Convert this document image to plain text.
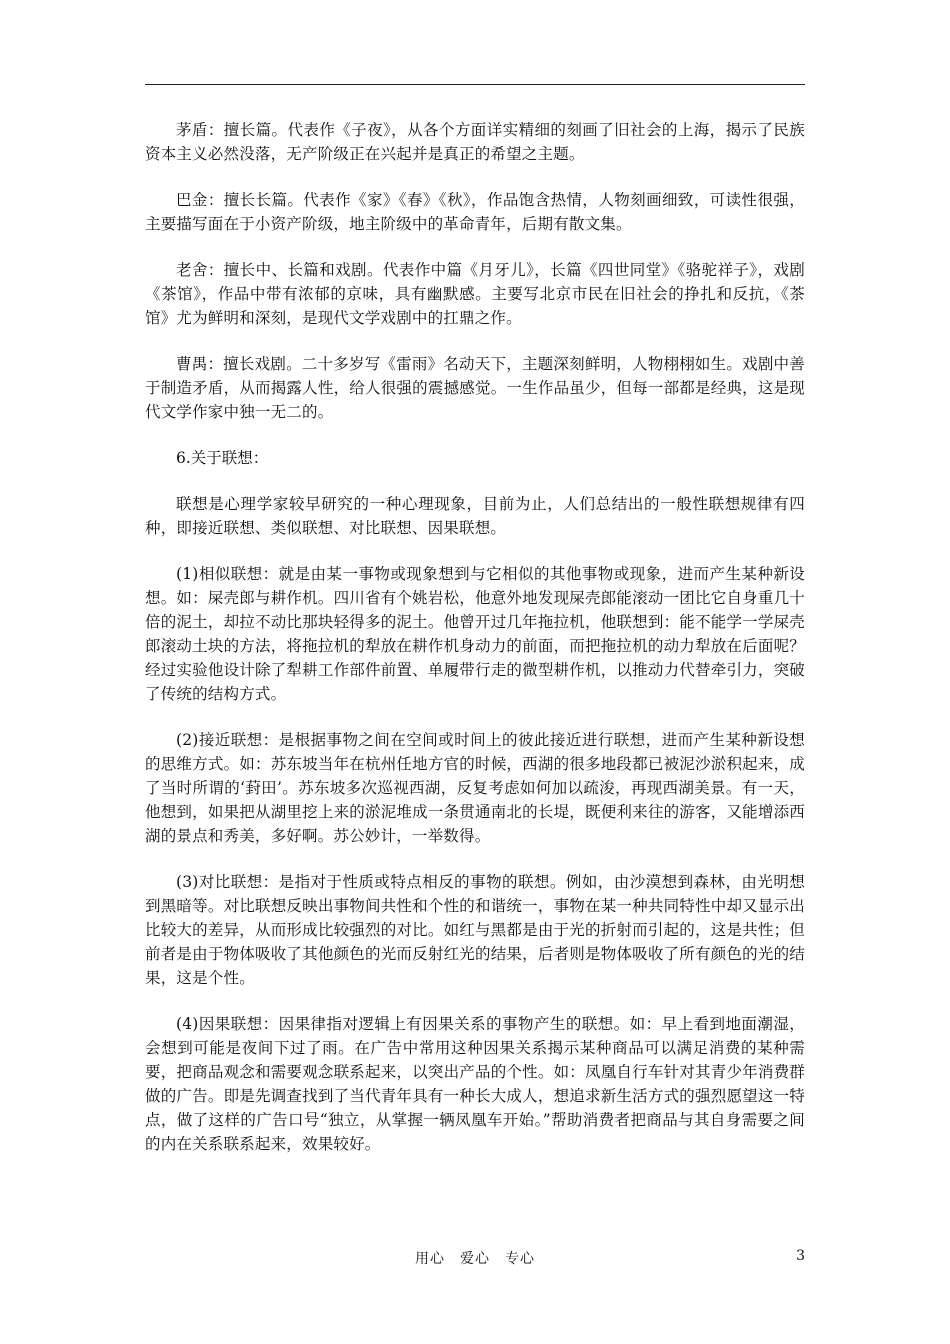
茅盾：擅长篇。代表作《子夜》，从各个方面详实精细的刻画了旧社会的上海，揭示了民族资本主义必然没落，无产阶级正在兴起并是真正的希望之主题。

巴金：擅长长篇。代表作《家》《春》《秋》，作品饱含热情，人物刻画细致，可读性很强，主要描写面在于小资产阶级，地主阶级中的革命青年，后期有散文集。

老舍：擅长中、长篇和戏剧。代表作中篇《月牙儿》，长篇《四世同堂》《骆驼祥子》，戏剧《茶馆》，作品中带有浓郁的京味，具有幽默感。主要写北京市民在旧社会的挣扎和反抗，《茶馆》尤为鲜明和深刻，是现代文学戏剧中的扛鼎之作。

曹禺：擅长戏剧。二十多岁写《雷雨》名动天下，主题深刻鲜明，人物栩栩如生。戏剧中善于制造矛盾，从而揭露人性，给人很强的震撼感觉。一生作品虽少，但每一部都是经典，这是现代文学作家中独一无二的。

6.关于联想：

联想是心理学家较早研究的一种心理现象，目前为止，人们总结出的一般性联想规律有四种，即接近联想、类似联想、对比联想、因果联想。

(1)相似联想：就是由某一事物或现象想到与它相似的其他事物或现象，进而产生某种新设想。如：屎壳郎与耕作机。四川省有个姚岩松，他意外地发现屎壳郎能滚动一团比它自身重几十倍的泥土，却拉不动比那块轻得多的泥土。他曾开过几年拖拉机，他联想到：能不能学一学屎壳郎滚动土块的方法，将拖拉机的犁放在耕作机身动力的前面，而把拖拉机的动力犁放在后面呢？经过实验他设计除了犁耕工作部件前置、单履带行走的微型耕作机，以推动力代替牵引力，突破了传统的结构方式。

(2)接近联想：是根据事物之间在空间或时间上的彼此接近进行联想，进而产生某种新设想的思维方式。如：苏东坡当年在杭州任地方官的时候，西湖的很多地段都已被泥沙淤积起来，成了当时所谓的‘葑田’。苏东坡多次巡视西湖，反复考虑如何加以疏浚，再现西湖美景。有一天，他想到，如果把从湖里挖上来的淤泥堆成一条贯通南北的长堤，既便利来往的游客，又能增添西湖的景点和秀美，多好啊。苏公妙计，一举数得。

(3)对比联想：是指对于性质或特点相反的事物的联想。例如，由沙漠想到森林，由光明想到黑暗等。对比联想反映出事物间共性和个性的和谐统一，事物在某一种共同特性中却又显示出比较大的差异，从而形成比较强烈的对比。如红与黑都是由于光的折射而引起的，这是共性；但前者是由于物体吸收了其他颜色的光而反射红光的结果，后者则是物体吸收了所有颜色的光的结果，这是个性。

(4)因果联想：因果律指对逻辑上有因果关系的事物产生的联想。如：早上看到地面潮湿，会想到可能是夜间下过了雨。在广告中常用这种因果关系揭示某种商品可以满足消费的某种需要，把商品观念和需要观念联系起来，以突出产品的个性。如：凤凰自行车针对其青少年消费群做的广告。即是先调查找到了当代青年具有一种长大成人，想追求新生活方式的强烈愿望这一特点，做了这样的广告口号“独立，从掌握一辆凤凰车开始。”帮助消费者把商品与其自身需要之间的内在关系联系起来，效果较好。

用心　爱心　专心	3
